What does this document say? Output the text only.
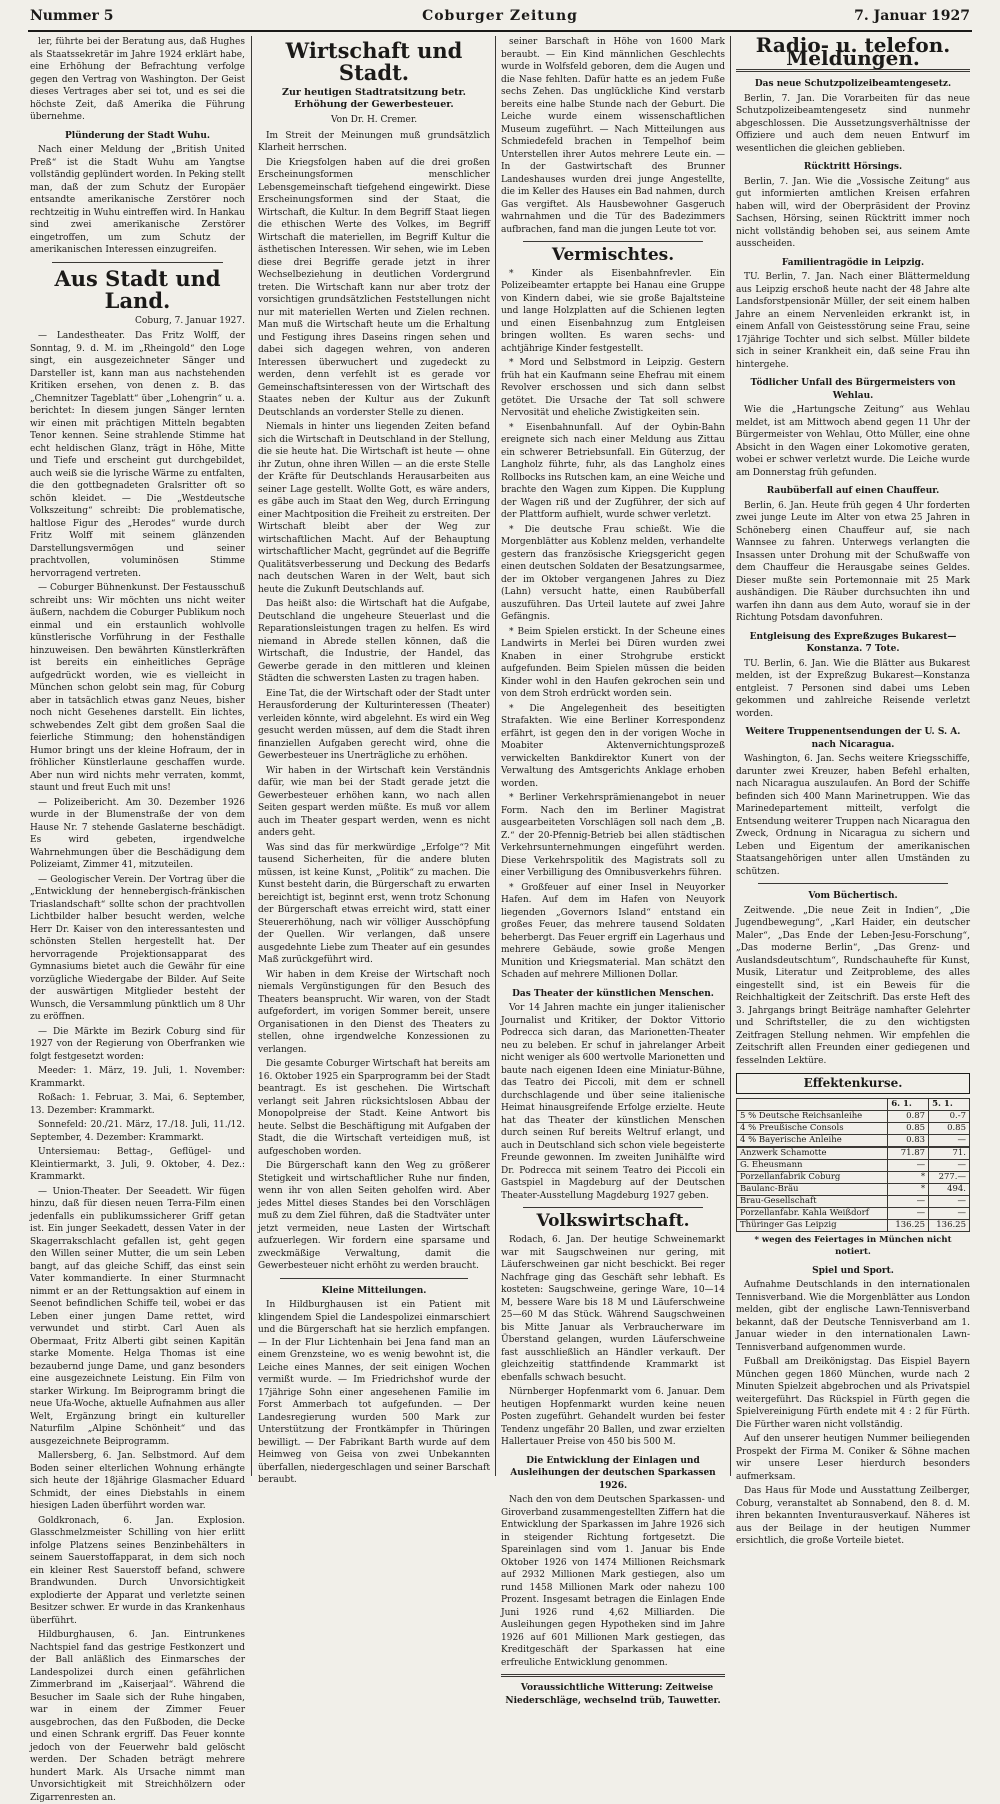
Coburger Zeitung
Nummer 5	7. Januar 1927

ler, führte bei der Beratung aus, daß Hughes als Staatssekretär im Jahre 1924 erklärt habe, eine Erhöhung der Befrachtung verfolge gegen den Vertrag von Washington. Der Geist dieses Vertrages aber sei tot, und es sei die höchste Zeit, daß Amerika die Führung übernehme.

Plünderung der Stadt Wuhu.

Nach einer Meldung der „British United Preß“ ist die Stadt Wuhu am Yangtse vollständig geplündert worden. In Peking stellt man, daß der zum Schutz der Europäer entsandte amerikanische Zerstörer noch rechtzeitig in Wuhu eintreffen wird. In Hankau sind zwei amerikanische Zerstörer eingetroffen, um zum Schutz der amerikanischen Interessen einzugreifen.

Aus Stadt und Land.
Coburg, 7. Januar 1927.

— Landestheater. Das Fritz Wolff, der Sonntag, 9. d. M. im „Rheingold“ den Loge singt, ein ausgezeichneter Sänger und Darsteller ist, kann man aus nachstehenden Kritiken ersehen, von denen z. B. das „Chemnitzer Tageblatt“ über „Lohengrin“ u. a. berichtet: In diesem jungen Sänger lernten wir einen mit prächtigen Mitteln begabten Tenor kennen. Seine strahlende Stimme hat echt heldischen Glanz, trägt in Höhe, Mitte und Tiefe und erscheint gut durchgebildet, auch weiß sie die lyrische Wärme zu entfalten, die den gottbegnadeten Gralsritter oft so schön kleidet. — Die „Westdeutsche Volkszeitung“ schreibt: Die problematische, haltlose Figur des „Herodes“ wurde durch Fritz Wolff mit seinem glänzenden Darstellungsvermögen und seiner prachtvollen, voluminösen Stimme hervorragend vertreten.

— Coburger Bühnenkunst. Der Festausschuß schreibt uns: Wir möchten uns nicht weiter äußern, nachdem die Coburger Publikum noch einmal und ein erstaunlich wohlvolle künstlerische Vorführung in der Festhalle hinzuweisen. Den bewährten Künstlerkräften ist bereits ein einheitliches Gepräge aufgedrückt worden, wie es vielleicht in München schon gelobt sein mag, für Coburg aber in tatsächlich etwas ganz Neues, bisher noch nicht Gesehenes darstellt. Ein lichtes, schwebendes Zelt gibt dem großen Saal die feierliche Stimmung; den hohenständigen Humor bringt uns der kleine Hofraum, der in fröhlicher Künstlerlaune geschaffen wurde. Aber nun wird nichts mehr verraten, kommt, staunt und freut Euch mit uns!

— Polizeibericht. Am 30. Dezember 1926 wurde in der Blumenstraße der von dem Hause Nr. 7 stehende Gaslaterne beschädigt. Es wird gebeten, irgendwelche Wahrnehmungen über die Beschädigung dem Polizeiamt, Zimmer 41, mitzuteilen.

— Geologischer Verein. Der Vortrag über die „Entwicklung der hennebergisch-fränkischen Triaslandschaft“ sollte schon der prachtvollen Lichtbilder halber besucht werden, welche Herr Dr. Kaiser von den interessantesten und schönsten Stellen hergestellt hat. Der hervorragende Projektionsapparat des Gymnasiums bietet auch die Gewähr für eine vorzügliche Wiedergabe der Bilder. Auf Seite der auswärtigen Mitglieder besteht der Wunsch, die Versammlung pünktlich um 8 Uhr zu eröffnen.

— Die Märkte im Bezirk Coburg sind für 1927 von der Regierung von Oberfranken wie folgt festgesetzt worden:

Meeder: 1. März, 19. Juli, 1. November: Krammarkt.

Roßach: 1. Februar, 3. Mai, 6. September, 13. Dezember: Krammarkt.

Sonnefeld: 20./21. März, 17./18. Juli, 11./12. September, 4. Dezember: Krammarkt.

Untersiemau: Bettag-, Geflügel- und Kleintiermarkt, 3. Juli, 9. Oktober, 4. Dez.: Krammarkt.

— Union-Theater. Der Seeadett. Wir fügen hinzu, daß für diesen neuen Terra-Film einen jedenfalls ein publikumssicherer Griff getan ist. Ein junger Seekadett, dessen Vater in der Skagerrakschlacht gefallen ist, geht gegen den Willen seiner Mutter, die um sein Leben bangt, auf das gleiche Schiff, das einst sein Vater kommandierte. In einer Sturmnacht nimmt er an der Rettungsaktion auf einem in Seenot befindlichen Schiffe teil, wobei er das Leben einer jungen Dame rettet, wird verwundet und stirbt. Carl Auen als Obermaat, Fritz Alberti gibt seinen Kapitän starke Momente. Helga Thomas ist eine bezaubernd junge Dame, und ganz besonders eine ausgezeichnete Leistung. Ein Film von starker Wirkung. Im Beiprogramm bringt die neue Ufa-Woche, aktuelle Aufnahmen aus aller Welt, Ergänzung bringt ein kultureller Naturfilm „Alpine Schönheit“ und das ausgezeichnete Beiprogramm.

Mallersberg, 6. Jan. Selbstmord. Auf dem Boden seiner elterlichen Wohnung erhängte sich heute der 18jährige Glasmacher Eduard Schmidt, der eines Diebstahls in einem hiesigen Laden überführt worden war.

Goldkronach, 6. Jan. Explosion. Glasschmelzmeister Schilling von hier erlitt infolge Platzens seines Benzinbehälters in seinem Sauerstoffapparat, in dem sich noch ein kleiner Rest Sauerstoff befand, schwere Brandwunden. Durch Unvorsichtigkeit explodierte der Apparat und verletzte seinen Besitzer schwer. Er wurde in das Krankenhaus überführt.

Hildburghausen, 6. Jan. Eintrunkenes Nachtspiel fand das gestrige Festkonzert und der Ball anläßlich des Einmarsches der Landespolizei durch einen gefährlichen Zimmerbrand im „Kaiserjaal“. Während die Besucher im Saale sich der Ruhe hingaben, war in einem der Zimmer Feuer ausgebrochen, das den Fußboden, die Decke und einen Schrank ergriff. Das Feuer konnte jedoch von der Feuerwehr bald gelöscht werden. Der Schaden beträgt mehrere hundert Mark. Als Ursache nimmt man Unvorsichtigkeit mit Streichhölzern oder Zigarrenresten an.

Wirtschaft und Stadt.
Zur heutigen Stadtratsitzung betr. Erhöhung der Gewerbesteuer.
Von Dr. H. Cremer.

Im Streit der Meinungen muß grundsätzlich Klarheit herrschen.

Die Kriegsfolgen haben auf die drei großen Erscheinungsformen menschlicher Lebensgemeinschaft tiefgehend eingewirkt. Diese Erscheinungsformen sind der Staat, die Wirtschaft, die Kultur. In dem Begriff Staat liegen die ethischen Werte des Volkes, im Begriff Wirtschaft die materiellen, im Begriff Kultur die ästhetischen Interessen. Wir sehen, wie im Leben diese drei Begriffe gerade jetzt in ihrer Wechselbeziehung in deutlichen Vordergrund treten. Die Wirtschaft kann nur aber trotz der vorsichtigen grundsätzlichen Feststellungen nicht nur mit materiellen Werten und Zielen rechnen. Man muß die Wirtschaft heute um die Erhaltung und Festigung ihres Daseins ringen sehen und dabei sich dagegen wehren, von anderen Interessen überwuchert und zugedeckt zu werden, denn verfehlt ist es gerade vor Gemeinschaftsinteressen von der Wirtschaft des Staates neben der Kultur aus der Zukunft Deutschlands an vorderster Stelle zu dienen.

Niemals in hinter uns liegenden Zeiten befand sich die Wirtschaft in Deutschland in der Stellung, die sie heute hat. Die Wirtschaft ist heute — ohne ihr Zutun, ohne ihren Willen — an die erste Stelle der Kräfte für Deutschlands Herausarbeiten aus seiner Lage gestellt. Wollte Gott, es wäre anders, es gäbe auch im Staat den Weg, durch Erringung einer Machtposition die Freiheit zu erstreiten. Der Wirtschaft bleibt aber der Weg zur wirtschaftlichen Macht. Auf der Behauptung wirtschaftlicher Macht, gegründet auf die Begriffe Qualitätsverbesserung und Deckung des Bedarfs nach deutschen Waren in der Welt, baut sich heute die Zukunft Deutschlands auf.

Das heißt also: die Wirtschaft hat die Aufgabe, Deutschland die ungeheure Steuerlast und die Reparationsleistungen tragen zu helfen. Es wird niemand in Abrede stellen können, daß die Wirtschaft, die Industrie, der Handel, das Gewerbe gerade in den mittleren und kleinen Städten die schwersten Lasten zu tragen haben.

Eine Tat, die der Wirtschaft oder der Stadt unter Herausforderung der Kulturinteressen (Theater) verleiden könnte, wird abgelehnt. Es wird ein Weg gesucht werden müssen, auf dem die Stadt ihren finanziellen Aufgaben gerecht wird, ohne die Gewerbesteuer ins Unerträgliche zu erhöhen.

Wir haben in der Wirtschaft kein Verständnis dafür, wie man bei der Stadt gerade jetzt die Gewerbesteuer erhöhen kann, wo nach allen Seiten gespart werden müßte. Es muß vor allem auch im Theater gespart werden, wenn es nicht anders geht.

Was sind das für merkwürdige „Erfolge“? Mit tausend Sicherheiten, für die andere bluten müssen, ist keine Kunst, „Politik“ zu machen. Die Kunst besteht darin, die Bürgerschaft zu erwarten bereichtigt ist, beginnt erst, wenn trotz Schonung der Bürgerschaft etwas erreicht wird, statt einer Steuererhöhung, nach wir völliger Ausschöpfung der Quellen. Wir verlangen, daß unsere ausgedehnte Liebe zum Theater auf ein gesundes Maß zurückgeführt wird.

Wir haben in dem Kreise der Wirtschaft noch niemals Vergünstigungen für den Besuch des Theaters beansprucht. Wir waren, von der Stadt aufgefordert, im vorigen Sommer bereit, unsere Organisationen in den Dienst des Theaters zu stellen, ohne irgendwelche Konzessionen zu verlangen.

Die gesamte Coburger Wirtschaft hat bereits am 16. Oktober 1925 ein Sparprogramm bei der Stadt beantragt. Es ist geschehen. Die Wirtschaft verlangt seit Jahren rücksichtslosen Abbau der Monopolpreise der Stadt. Keine Antwort bis heute. Selbst die Beschäftigung mit Aufgaben der Stadt, die die Wirtschaft verteidigen muß, ist aufgeschoben worden.

Die Bürgerschaft kann den Weg zu größerer Stetigkeit und wirtschaftlicher Ruhe nur finden, wenn ihr von allen Seiten geholfen wird. Aber jedes Mittel dieses Standes bei den Vorschlägen muß zu dem Ziel führen, daß die Stadtväter unter jetzt vermeiden, neue Lasten der Wirtschaft aufzuerlegen. Wir fordern eine sparsame und zweckmäßige Verwaltung, damit die Gewerbesteuer nicht erhöht zu werden braucht.

Kleine Mitteilungen.

In Hildburghausen ist ein Patient mit klingendem Spiel die Landespolizei einmarschiert und die Bürgerschaft hat sie herzlich empfangen. — In der Flur Lichtenhain bei Jena fand man an einem Grenzsteine, wo es wenig bewohnt ist, die Leiche eines Mannes, der seit einigen Wochen vermißt wurde. — Im Friedrichshof wurde der 17jährige Sohn einer angesehenen Familie im Forst Ammerbach tot aufgefunden. — Der Landesregierung wurden 500 Mark zur Unterstützung der Frontkämpfer in Thüringen bewilligt. — Der Fabrikant Barth wurde auf dem Heimweg von Geisa von zwei Unbekannten überfallen, niedergeschlagen und seiner Barschaft beraubt.

seiner Barschaft in Höhe von 1600 Mark beraubt. — Ein Kind männlichen Geschlechts wurde in Wolfsfeld geboren, dem die Augen und die Nase fehlten. Dafür hatte es an jedem Fuße sechs Zehen. Das unglückliche Kind verstarb bereits eine halbe Stunde nach der Geburt. Die Leiche wurde einem wissenschaftlichen Museum zugeführt. — Nach Mitteilungen aus Schmiedefeld brachen in Tempelhof beim Unterstellen ihrer Autos mehrere Leute ein. — In der Gastwirtschaft des Brunner Landeshauses wurden drei junge Angestellte, die im Keller des Hauses ein Bad nahmen, durch Gas vergiftet. Als Hausbewohner Gasgeruch wahrnahmen und die Tür des Badezimmers aufbrachen, fand man die jungen Leute tot vor.

Vermischtes.

* Kinder als Eisenbahnfrevler. Ein Polizeibeamter ertappte bei Hanau eine Gruppe von Kindern dabei, wie sie große Bajaltsteine und lange Holzplatten auf die Schienen legten und einen Eisenbahnzug zum Entgleisen bringen wollten. Es waren sechs- und achtjährige Kinder festgestellt.

* Mord und Selbstmord in Leipzig. Gestern früh hat ein Kaufmann seine Ehefrau mit einem Revolver erschossen und sich dann selbst getötet. Die Ursache der Tat soll schwere Nervosität und eheliche Zwistigkeiten sein.

* Eisenbahnunfall. Auf der Oybin-Bahn ereignete sich nach einer Meldung aus Zittau ein schwerer Betriebsunfall. Ein Güterzug, der Langholz führte, fuhr, als das Langholz eines Rollbocks ins Rutschen kam, an eine Weiche und brachte den Wagen zum Kippen. Die Kupplung der Wagen riß und der Zugführer, der sich auf der Plattform aufhielt, wurde schwer verletzt.

* Die deutsche Frau schießt. Wie die Morgenblätter aus Koblenz melden, verhandelte gestern das französische Kriegsgericht gegen einen deutschen Soldaten der Besatzungsarmee, der im Oktober vergangenen Jahres zu Diez (Lahn) versucht hatte, einen Raubüberfall auszuführen. Das Urteil lautete auf zwei Jahre Gefängnis.

* Beim Spielen erstickt. In der Scheune eines Landwirts in Merlei bei Düren wurden zwei Knaben in einer Strohgrube erstickt aufgefunden. Beim Spielen müssen die beiden Kinder wohl in den Haufen gekrochen sein und von dem Stroh erdrückt worden sein.

* Die Angelegenheit des beseitigten Strafakten. Wie eine Berliner Korrespondenz erfährt, ist gegen den in der vorigen Woche in Moabiter Aktenvernichtungsprozeß verwickelten Bankdirektor Kunert von der Verwaltung des Amtsgerichts Anklage erhoben worden.

* Berliner Verkehrsprämienangebot in neuer Form. Nach den im Berliner Magistrat ausgearbeiteten Vorschlägen soll nach dem „B. Z.“ der 20-Pfennig-Betrieb bei allen städtischen Verkehrsunternehmungen eingeführt werden. Diese Verkehrspolitik des Magistrats soll zu einer Verbilligung des Omnibusverkehrs führen.

* Großfeuer auf einer Insel in Neuyorker Hafen. Auf dem im Hafen von Neuyork liegenden „Governors Island“ entstand ein großes Feuer, das mehrere tausend Soldaten beherbergt. Das Feuer ergriff ein Lagerhaus und mehrere Gebäude, sowie große Mengen Munition und Kriegsmaterial. Man schätzt den Schaden auf mehrere Millionen Dollar.

Das Theater der künstlichen Menschen.

Vor 14 Jahren machte ein junger italienischer Journalist und Kritiker, der Doktor Vittorio Podrecca sich daran, das Marionetten-Theater neu zu beleben. Er schuf in jahrelanger Arbeit nicht weniger als 600 wertvolle Marionetten und baute nach eigenen Ideen eine Miniatur-Bühne, das Teatro dei Piccoli, mit dem er schnell durchschlagende und über seine italienische Heimat hinausgreifende Erfolge erzielte. Heute hat das Theater der künstlichen Menschen durch seinen Ruf bereits Weltruf erlangt, und auch in Deutschland sich schon viele begeisterte Freunde gewonnen. Im zweiten Junihälfte wird Dr. Podrecca mit seinem Teatro dei Piccoli ein Gastspiel in Magdeburg auf der Deutschen Theater-Ausstellung Magdeburg 1927 geben.

Volkswirtschaft.

Rodach, 6. Jan. Der heutige Schweinemarkt war mit Saugschweinen nur gering, mit Läuferschweinen gar nicht beschickt. Bei reger Nachfrage ging das Geschäft sehr lebhaft. Es kosteten: Saugschweine, geringe Ware, 10—14 M, bessere Ware bis 18 M und Läuferschweine 25—60 M das Stück. Während Saugschweinen bis Mitte Januar als Verbraucherware im Überstand gelangen, wurden Läuferschweine fast ausschließlich an Händler verkauft. Der gleichzeitig stattfindende Krammarkt ist ebenfalls schwach besucht.

Nürnberger Hopfenmarkt vom 6. Januar. Dem heutigen Hopfenmarkt wurden keine neuen Posten zugeführt. Gehandelt wurden bei fester Tendenz ungefähr 20 Ballen, und zwar erzielten Hallertauer Preise von 450 bis 500 M.

Die Entwicklung der Einlagen und Ausleihungen der deutschen Sparkassen 1926.

Nach den von dem Deutschen Sparkassen- und Giroverband zusammengestellten Ziffern hat die Entwicklung der Sparkassen im Jahre 1926 sich in steigender Richtung fortgesetzt. Die Spareinlagen sind vom 1. Januar bis Ende Oktober 1926 von 1474 Millionen Reichsmark auf 2932 Millionen Mark gestiegen, also um rund 1458 Millionen Mark oder nahezu 100 Prozent. Insgesamt betragen die Einlagen Ende Juni 1926 rund 4,62 Milliarden. Die Ausleihungen gegen Hypotheken sind im Jahre 1926 auf 601 Millionen Mark gestiegen, das Kreditgeschäft der Sparkassen hat eine erfreuliche Entwicklung genommen.

Voraussichtliche Witterung: Zeitweise Niederschläge, wechselnd trüb, Tauwetter.

Radio- u. telefon. Meldungen.
Das neue Schutzpolizeibeamtengesetz.

Berlin, 7. Jan. Die Vorarbeiten für das neue Schutzpolizeibeamtengesetz sind nunmehr abgeschlossen. Die Aussetzungsverhältnisse der Offiziere und auch dem neuen Entwurf im wesentlichen die gleichen geblieben.

Rücktritt Hörsings.

Berlin, 7. Jan. Wie die „Vossische Zeitung“ aus gut informierten amtlichen Kreisen erfahren haben will, wird der Oberpräsident der Provinz Sachsen, Hörsing, seinen Rücktritt immer noch nicht vollständig behoben sei, aus seinem Amte ausscheiden.

Familientragödie in Leipzig.

TU. Berlin, 7. Jan. Nach einer Blättermeldung aus Leipzig erschoß heute nacht der 48 Jahre alte Landsforstpensionär Müller, der seit einem halben Jahre an einem Nervenleiden erkrankt ist, in einem Anfall von Geistesstörung seine Frau, seine 17jährige Tochter und sich selbst. Müller bildete sich in seiner Krankheit ein, daß seine Frau ihn hintergehe.

Tödlicher Unfall des Bürgermeisters von Wehlau.

Wie die „Hartungsche Zeitung“ aus Wehlau meldet, ist am Mittwoch abend gegen 11 Uhr der Bürgermeister von Wehlau, Otto Müller, eine ohne Absicht in den Wagen einer Lokomotive geraten, wobei er schwer verletzt wurde. Die Leiche wurde am Donnerstag früh gefunden.

Raubüberfall auf einen Chauffeur.

Berlin, 6. Jan. Heute früh gegen 4 Uhr forderten zwei junge Leute im Alter von etwa 25 Jahren in Schöneberg einen Chauffeur auf, sie nach Wannsee zu fahren. Unterwegs verlangten die Insassen unter Drohung mit der Schußwaffe von dem Chauffeur die Herausgabe seines Geldes. Dieser mußte sein Portemonnaie mit 25 Mark aushändigen. Die Räuber durchsuchten ihn und warfen ihn dann aus dem Auto, worauf sie in der Richtung Potsdam davonfuhren.

Entgleisung des Expreßzuges Bukarest—Konstanza. 7 Tote.

TU. Berlin, 6. Jan. Wie die Blätter aus Bukarest melden, ist der Expreßzug Bukarest—Konstanza entgleist. 7 Personen sind dabei ums Leben gekommen und zahlreiche Reisende verletzt worden.

Weitere Truppenentsendungen der U. S. A. nach Nicaragua.

Washington, 6. Jan. Sechs weitere Kriegsschiffe, darunter zwei Kreuzer, haben Befehl erhalten, nach Nicaragua auszulaufen. An Bord der Schiffe befinden sich 400 Mann Marinetruppen. Wie das Marinedepartement mitteilt, verfolgt die Entsendung weiterer Truppen nach Nicaragua den Zweck, Ordnung in Nicaragua zu sichern und Leben und Eigentum der amerikanischen Staatsangehörigen unter allen Umständen zu schützen.

Vom Büchertisch.

Zeitwende. „Die neue Zeit in Indien“, „Die Jugendbewegung“, „Karl Haider, ein deutscher Maler“, „Das Ende der Leben-Jesu-Forschung“, „Das moderne Berlin“, „Das Grenz- und Auslandsdeutschtum“, Rundschauhefte für Kunst, Musik, Literatur und Zeitprobleme, des alles eingestellt sind, ist ein Beweis für die Reichhaltigkeit der Zeitschrift. Das erste Heft des 3. Jahrgangs bringt Beiträge namhafter Gelehrter und Schriftsteller, die zu den wichtigsten Zeitfragen Stellung nehmen. Wir empfehlen die Zeitschrift allen Freunden einer gediegenen und fesselnden Lektüre.

Effektenkurse.
	6. 1.	5. 1.
5 % Deutsche Reichsanleihe	0.87	0.-7
4 % Preußische Consols	0.85	0.85
4 % Bayerische Anleihe	0.83	—

Anzwerk Schamotte	71.87	71.
G. Eheusmann	—	—
Porzellanfabrik Coburg	*	277.—
Baulanc-Bräu	*	494.
Brau-Gesellschaft	—	—
Porzellanfabr. Kahla Weißdorf	—	—
Thüringer Gas Leipzig	136.25	136.25
* wegen des Feiertages in München nicht notiert.
Spiel und Sport.

Aufnahme Deutschlands in den internationalen Tennisverband. Wie die Morgenblätter aus London melden, gibt der englische Lawn-Tennisverband bekannt, daß der Deutsche Tennisverband am 1. Januar wieder in den internationalen Lawn-Tennisverband aufgenommen wurde.

Fußball am Dreikönigstag. Das Eispiel Bayern München gegen 1860 München, wurde nach 2 Minuten Spielzeit abgebrochen und als Privatspiel weitergeführt. Das Rückspiel in Fürth gegen die Spielvereinigung Fürth endete mit 4 : 2 für Fürth. Die Fürther waren nicht vollständig.

Auf den unserer heutigen Nummer beiliegenden Prospekt der Firma M. Coniker & Söhne machen wir unsere Leser hierdurch besonders aufmerksam.

Das Haus für Mode und Ausstattung Zeilberger, Coburg, veranstaltet ab Sonnabend, den 8. d. M. ihren bekannten Inventurausverkauf. Näheres ist aus der Beilage in der heutigen Nummer ersichtlich, die große Vorteile bietet.
